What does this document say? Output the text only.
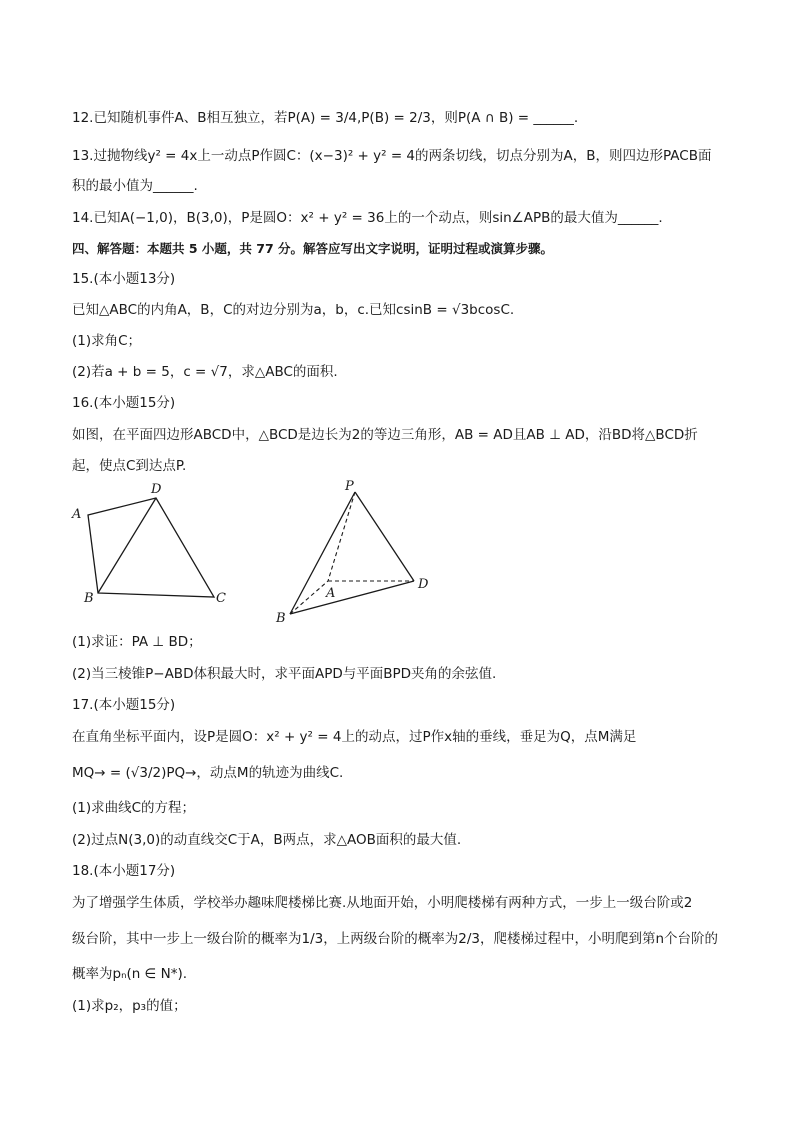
12.已知随机事件A、B相互独立，若P(A) = 3/4,P(B) = 2/3，则P(A ∩ B) = ______.
13.过抛物线y² = 4x上一动点P作圆C：(x−3)² + y² = 4的两条切线，切点分别为A，B，则四边形PACB面
积的最小值为______.
14.已知A(−1,0)，B(3,0)，P是圆O：x² + y² = 36上的一个动点，则sin∠APB的最大值为______.
四、解答题：本题共 5 小题，共 77 分。解答应写出文字说明，证明过程或演算步骤。
15.(本小题13分)
已知△ABC的内角A，B，C的对边分别为a，b，c.已知csinB = √3bcosC.
(1)求角C；
(2)若a + b = 5，c = √7，求△ABC的面积.
16.(本小题15分)
如图，在平面四边形ABCD中，△BCD是边长为2的等边三角形，AB = AD且AB ⊥ AD，沿BD将△BCD折
起，使点C到达点P.
A
D
B	C
P
A
B
D
(1)求证：PA ⊥ BD；
(2)当三棱锥P−ABD体积最大时，求平面APD与平面BPD夹角的余弦值.
17.(本小题15分)
在直角坐标平面内，设P是圆O：x² + y² = 4上的动点，过P作x轴的垂线，垂足为Q，点M满足
MQ→ = (√3/2)PQ→，动点M的轨迹为曲线C.
(1)求曲线C的方程；
(2)过点N(3,0)的动直线交C于A，B两点，求△AOB面积的最大值.
18.(本小题17分)
为了增强学生体质，学校举办趣味爬楼梯比赛.从地面开始，小明爬楼梯有两种方式，一步上一级台阶或2
级台阶，其中一步上一级台阶的概率为1/3，上两级台阶的概率为2/3，爬楼梯过程中，小明爬到第n个台阶的
概率为pₙ(n ∈ N*).
(1)求p₂，p₃的值；
